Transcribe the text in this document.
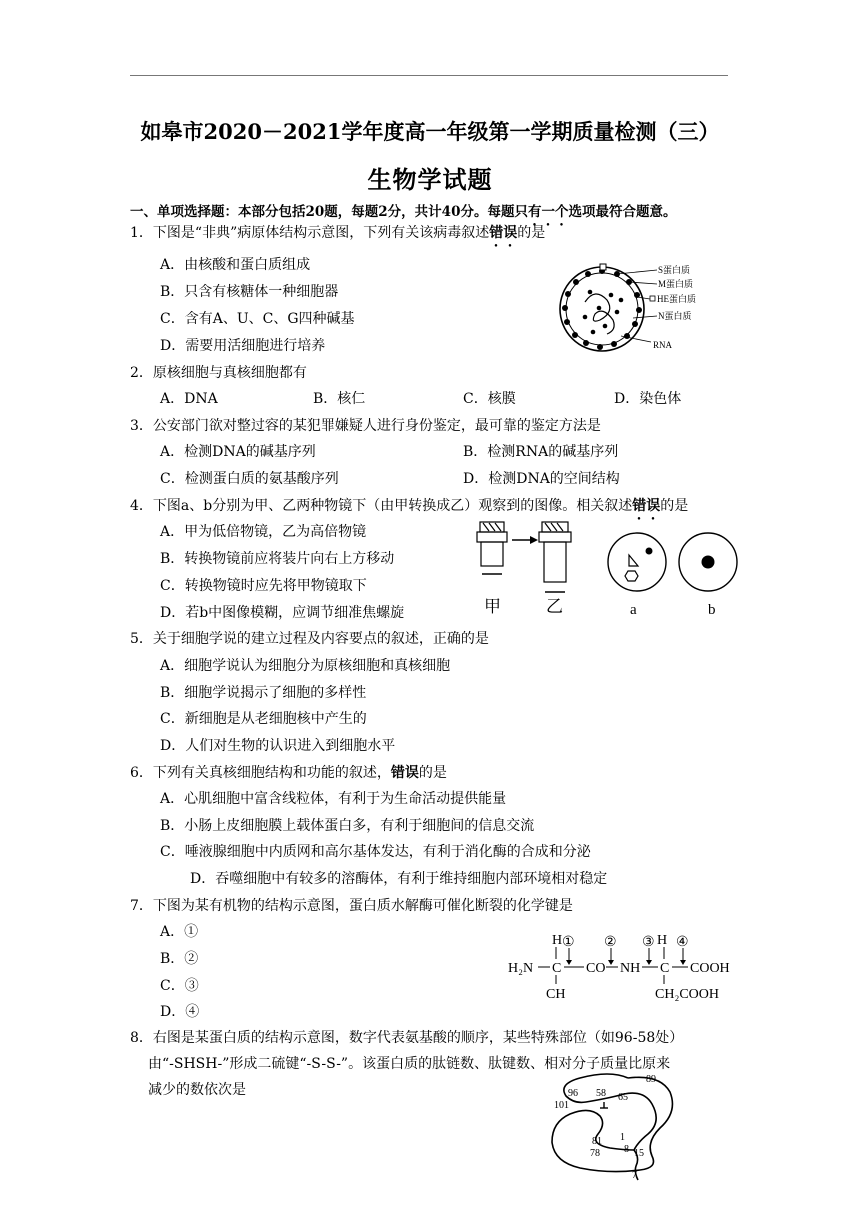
如皋市2020－2021学年度高一年级第一学期质量检测（三）
生物学试题
一、单项选择题：本部分包括20题，每题2分，共计40分。每题只有一个选项最符合题意。
1．下图是“非典”病原体结构示意图，下列有关该病毒叙述错误的是
A．由核酸和蛋白质组成
B．只含有核糖体一种细胞器
C．含有A、U、C、G四种碱基
D．需要用活细胞进行培养
S蛋白质
M蛋白质
HE蛋白质
N蛋白质
RNA
2．原核细胞与真核细胞都有
A．DNA	B．核仁	C．核膜	D．染色体
3．公安部门欲对整过容的某犯罪嫌疑人进行身份鉴定，最可靠的鉴定方法是
A．检测DNA的碱基序列	B．检测RNA的碱基序列
C．检测蛋白质的氨基酸序列	D．检测DNA的空间结构
4．下图a、b分别为甲、乙两种物镜下（由甲转换成乙）观察到的图像。相关叙述错误的是
A．甲为低倍物镜，乙为高倍物镜
B．转换物镜前应将装片向右上方移动
C．转换物镜时应先将甲物镜取下
D．若b中图像模糊，应调节细准焦螺旋	甲	乙	a	b
5．关于细胞学说的建立过程及内容要点的叙述，正确的是
A．细胞学说认为细胞分为原核细胞和真核细胞
B．细胞学说揭示了细胞的多样性
C．新细胞是从老细胞核中产生的
D．人们对生物的认识进入到细胞水平
6．下列有关真核细胞结构和功能的叙述，错误的是
A．心肌细胞中富含线粒体，有利于为生命活动提供能量
B．小肠上皮细胞膜上载体蛋白多，有利于细胞间的信息交流
C．唾液腺细胞中内质网和高尔基体发达，有利于消化酶的合成和分泌
D．吞噬细胞中有较多的溶酶体，有利于维持细胞内部环境相对稳定
7．下图为某有机物的结构示意图，蛋白质水解酶可催化断裂的化学键是
A．①
B．②
C．③
D．④
H ① ② ③ H ④
H₂N C CO NH C COOH
CH	CH₂COOH
8．右图是某蛋白质的结构示意图，数字代表氨基酸的顺序，某些特殊部位（如96-58处）
由“-SHSH-”形成二硫键“-S-S-”。该蛋白质的肽链数、肽键数、相对分子质量比原来
减少的数依次是
89
96 58 65
101
81 1
78 8 15
7
